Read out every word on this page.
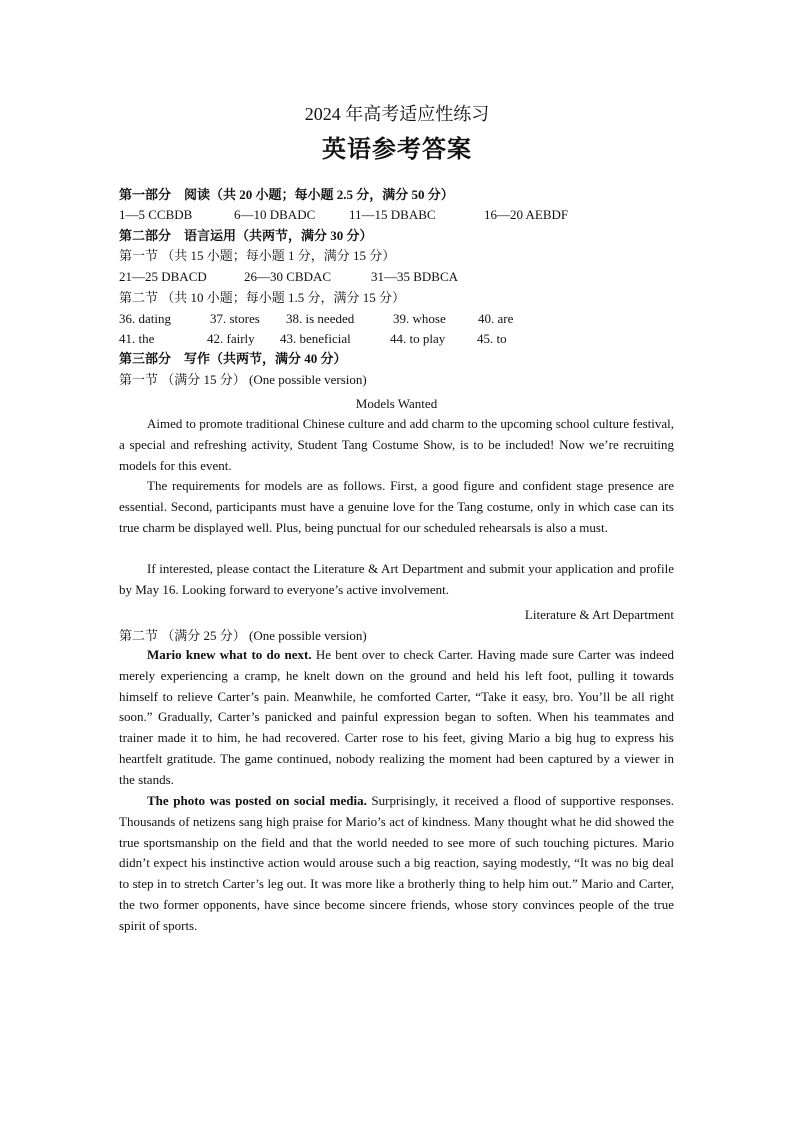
2024 年高考适应性练习
英语参考答案
第一部分　阅读（共 20 小题；每小题 2.5 分，满分 50 分）
1—5 CCBDB	6—10 DBADC	11—15 DBABC	16—20 AEBDF
第二部分　语言运用（共两节，满分 30 分）
第一节 （共 15 小题；每小题 1 分，满分 15 分）
21—25 DBACD	26—30 CBDAC	31—35 BDBCA
第二节 （共 10 小题；每小题 1.5 分，满分 15 分）
36. dating	37. stores 38. is needed	39. whose 40. are
41. the	42. fairly 43. beneficial	44. to play 45. to
第三部分　写作（共两节，满分 40 分）
第一节 （满分 15 分） (One possible version)
Models Wanted

Aimed to promote traditional Chinese culture and add charm to the upcoming school culture festival, a special and refreshing activity, Student Tang Costume Show, is to be included! Now we’re recruiting models for this event.

The requirements for models are as follows. First, a good figure and confident stage presence are essential. Second, participants must have a genuine love for the Tang costume, only in which case can its true charm be displayed well. Plus, being punctual for our scheduled rehearsals is also a must.

If interested, please contact the Literature & Art Department and submit your application and profile by May 16. Looking forward to everyone’s active involvement.

Literature & Art Department
第二节 （满分 25 分） (One possible version)

Mario knew what to do next. He bent over to check Carter. Having made sure Carter was indeed merely experiencing a cramp, he knelt down on the ground and held his left foot, pulling it towards himself to relieve Carter’s pain. Meanwhile, he comforted Carter, “Take it easy, bro. You’ll be all right soon.” Gradually, Carter’s panicked and painful expression began to soften. When his teammates and trainer made it to him, he had recovered. Carter rose to his feet, giving Mario a big hug to express his heartfelt gratitude. The game continued, nobody realizing the moment had been captured by a viewer in the stands.

The photo was posted on social media. Surprisingly, it received a flood of supportive responses. Thousands of netizens sang high praise for Mario’s act of kindness. Many thought what he did showed the true sportsmanship on the field and that the world needed to see more of such touching pictures. Mario didn’t expect his instinctive action would arouse such a big reaction, saying modestly, “It was no big deal to step in to stretch Carter’s leg out. It was more like a brotherly thing to help him out.” Mario and Carter, the two former opponents, have since become sincere friends, whose story convinces people of the true spirit of sports.
